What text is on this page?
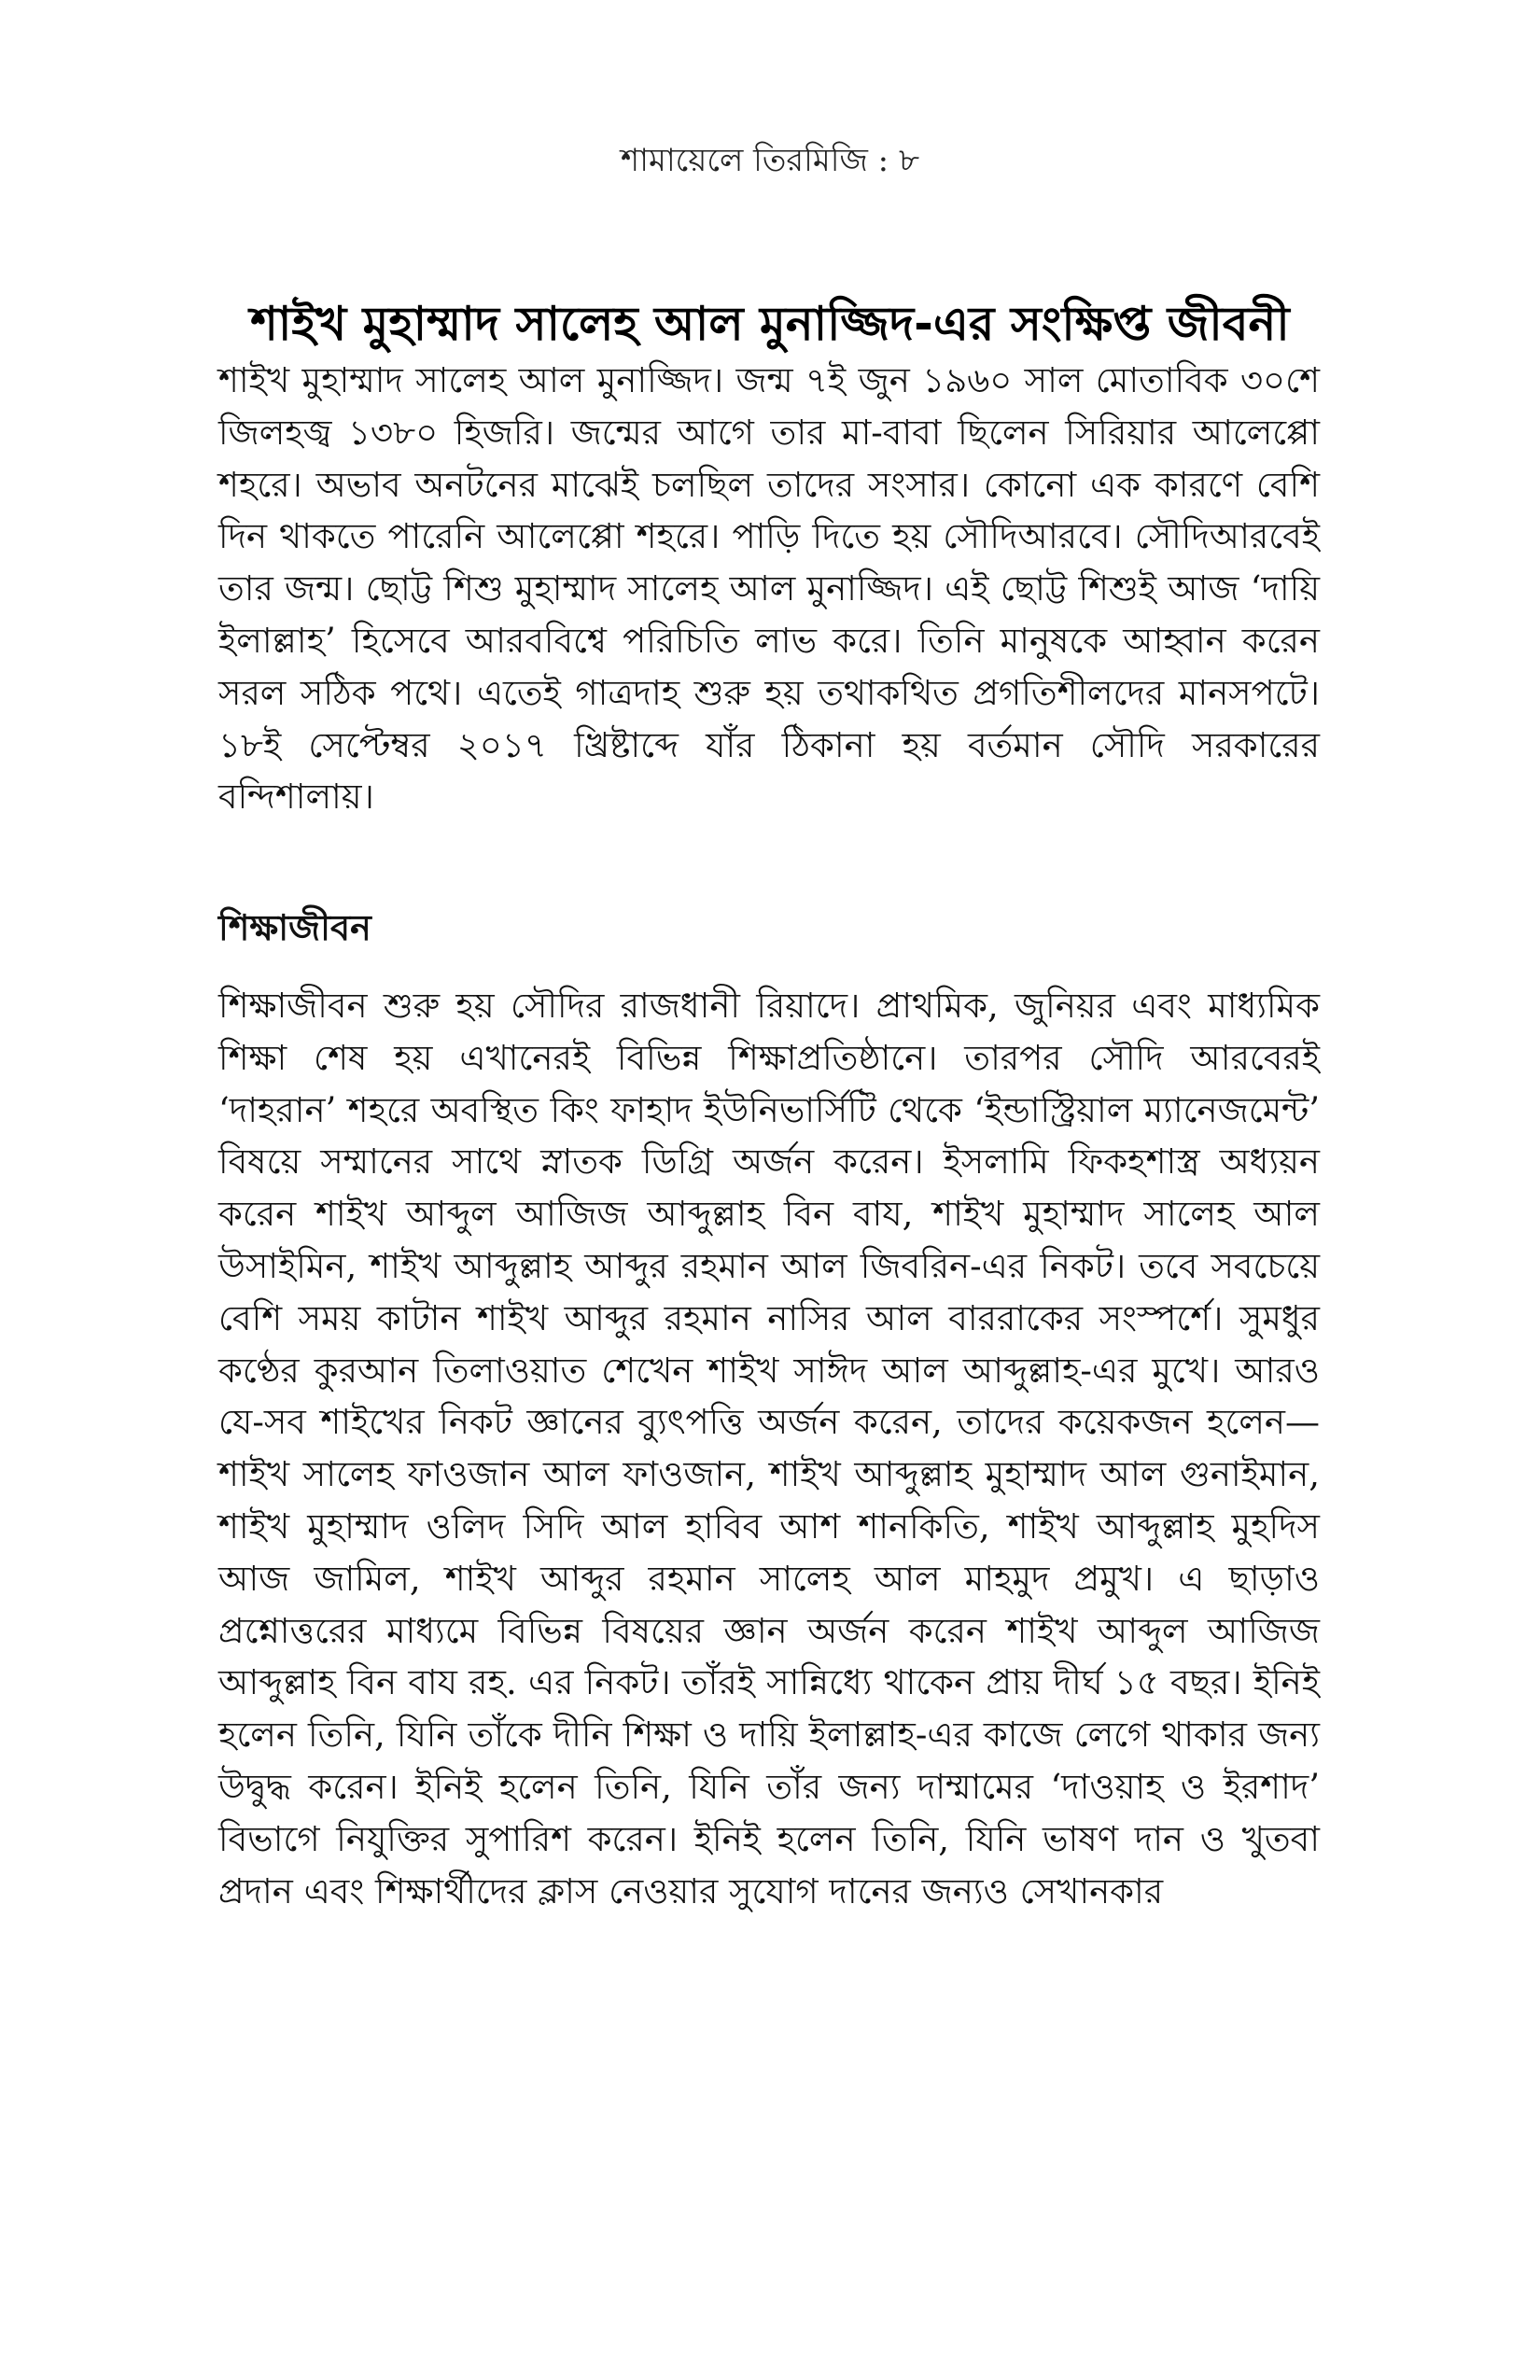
শামায়েলে তিরমিজি : ৮
শাইখ মুহাম্মাদ সালেহ আল মুনাজ্জিদ-এর সংক্ষিপ্ত জীবনী

শাইখ মুহাম্মাদ সালেহ আল মুনাজ্জিদ। জন্ম ৭ই জুন ১৯৬০ সাল মোতাবিক ৩০শে জিলহজ্ব ১৩৮০ হিজরি। জন্মের আগে তার মা-বাবা ছিলেন সিরিয়ার আলেপ্পো শহরে। অভাব অনটনের মাঝেই চলছিল তাদের সংসার। কোনো এক কারণে বেশি দিন থাকতে পারেনি আলেপ্পো শহরে। পাড়ি দিতে হয় সৌদিআরবে। সৌদিআরবেই তার জন্ম। ছোট্ট শিশু মুহাম্মাদ সালেহ আল মুনাজ্জিদ। এই ছোট্ট শিশুই আজ ‘দায়ি ইলাল্লাহ’ হিসেবে আরববিশ্বে পরিচিতি লাভ করে। তিনি মানুষকে আহ্বান করেন সরল সঠিক পথে। এতেই গাত্রদাহ শুরু হয় তথাকথিত প্রগতিশীলদের মানসপটে। ১৮ই সেপ্টেম্বর ২০১৭ খ্রিষ্টাব্দে যাঁর ঠিকানা হয় বর্তমান সৌদি সরকারের বন্দিশালায়।

শিক্ষাজীবন

শিক্ষাজীবন শুরু হয় সৌদির রাজধানী রিয়াদে। প্রাথমিক, জুনিয়র এবং মাধ্যমিক শিক্ষা শেষ হয় এখানেরই বিভিন্ন শিক্ষাপ্রতিষ্ঠানে। তারপর সৌদি আরবেরই ‘দাহরান’ শহরে অবস্থিত কিং ফাহাদ ইউনিভার্সিটি থেকে ‘ইন্ডাস্ট্রিয়াল ম্যানেজমেন্ট’ বিষয়ে সম্মানের সাথে স্নাতক ডিগ্রি অর্জন করেন। ইসলামি ফিকহশাস্ত্র অধ্যয়ন করেন শাইখ আব্দুল আজিজ আব্দুল্লাহ বিন বায, শাইখ মুহাম্মাদ সালেহ আল উসাইমিন, শাইখ আব্দুল্লাহ আব্দুর রহমান আল জিবরিন-এর নিকট। তবে সবচেয়ে বেশি সময় কাটান শাইখ আব্দুর রহমান নাসির আল বাররাকের সংস্পর্শে। সুমধুর কণ্ঠের কুরআন তিলাওয়াত শেখেন শাইখ সাঈদ আল আব্দুল্লাহ-এর মুখে। আরও যে-সব শাইখের নিকট জ্ঞানের ব্যুৎপত্তি অর্জন করেন, তাদের কয়েকজন হলেন—শাইখ সালেহ ফাওজান আল ফাওজান, শাইখ আব্দুল্লাহ মুহাম্মাদ আল গুনাইমান, শাইখ মুহাম্মাদ ওলিদ সিদি আল হাবিব আশ শানকিতি, শাইখ আব্দুল্লাহ মুহদিস আজ জামিল, শাইখ আব্দুর রহমান সালেহ আল মাহমুদ প্রমুখ। এ ছাড়াও প্রশ্নোত্তরের মাধ্যমে বিভিন্ন বিষয়ের জ্ঞান অর্জন করেন শাইখ আব্দুল আজিজ আব্দুল্লাহ বিন বায রহ. এর নিকট। তাঁরই সান্নিধ্যে থাকেন প্রায় দীর্ঘ ১৫ বছর। ইনিই হলেন তিনি, যিনি তাঁকে দীনি শিক্ষা ও দায়ি ইলাল্লাহ-এর কাজে লেগে থাকার জন্য উদ্বুদ্ধ করেন। ইনিই হলেন তিনি, যিনি তাঁর জন্য দাম্মামের ‘দাওয়াহ ও ইরশাদ’ বিভাগে নিযুক্তির সুপারিশ করেন। ইনিই হলেন তিনি, যিনি ভাষণ দান ও খুতবা প্রদান এবং শিক্ষার্থীদের ক্লাস নেওয়ার সুযোগ দানের জন্যও সেখানকার
